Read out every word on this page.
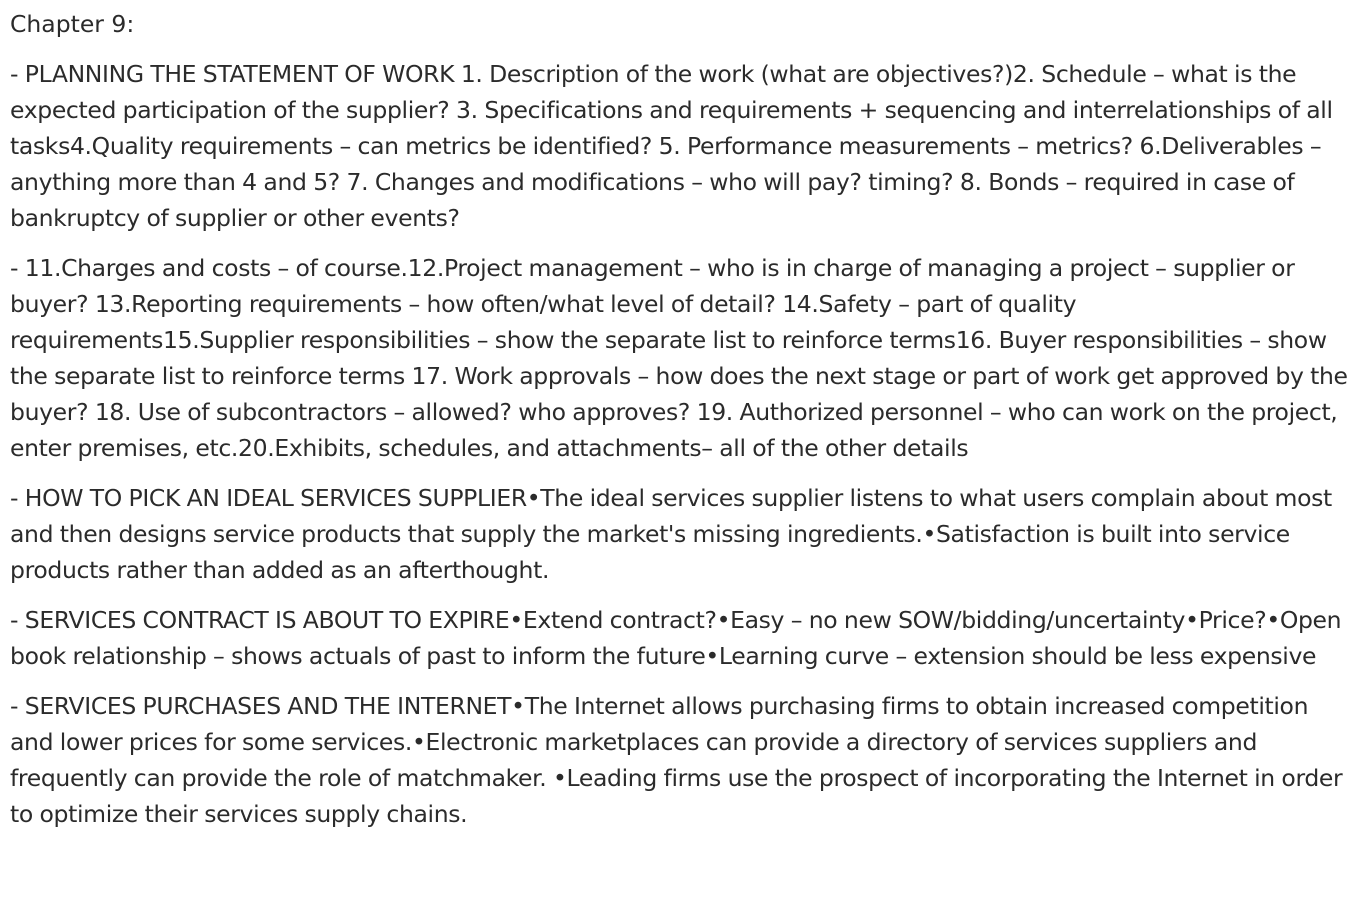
Chapter 9:

- PLANNING THE STATEMENT OF WORK 1. Description of the work (what are objectives?)2. Schedule – what is the expected participation of the supplier? 3. Specifications and requirements + sequencing and interrelationships of all tasks4.Quality requirements – can metrics be identified? 5. Performance measurements – metrics? 6.Deliverables – anything more than 4 and 5? 7. Changes and modifications – who will pay? timing? 8. Bonds – required in case of bankruptcy of supplier or other events?

- 11.Charges and costs – of course.12.Project management – who is in charge of managing a project – supplier or buyer? 13.Reporting requirements – how often/what level of detail? 14.Safety – part of quality requirements15.Supplier responsibilities – show the separate list to reinforce terms16. Buyer responsibilities – show the separate list to reinforce terms 17. Work approvals – how does the next stage or part of work get approved by the buyer? 18. Use of subcontractors – allowed? who approves? 19. Authorized personnel – who can work on the project, enter premises, etc.20.Exhibits, schedules, and attachments– all of the other details

- HOW TO PICK AN IDEAL SERVICES SUPPLIER•The ideal services supplier listens to what users complain about most and then designs service products that supply the market's missing ingredients.•Satisfaction is built into service products rather than added as an afterthought.

- SERVICES CONTRACT IS ABOUT TO EXPIRE•Extend contract?•Easy – no new SOW/bidding/uncertainty•Price?•Open book relationship – shows actuals of past to inform the future•Learning curve – extension should be less expensive

- SERVICES PURCHASES AND THE INTERNET•The Internet allows purchasing firms to obtain increased competition and lower prices for some services.•Electronic marketplaces can provide a directory of services suppliers and frequently can provide the role of matchmaker. •Leading firms use the prospect of incorporating the Internet in order to optimize their services supply chains.
